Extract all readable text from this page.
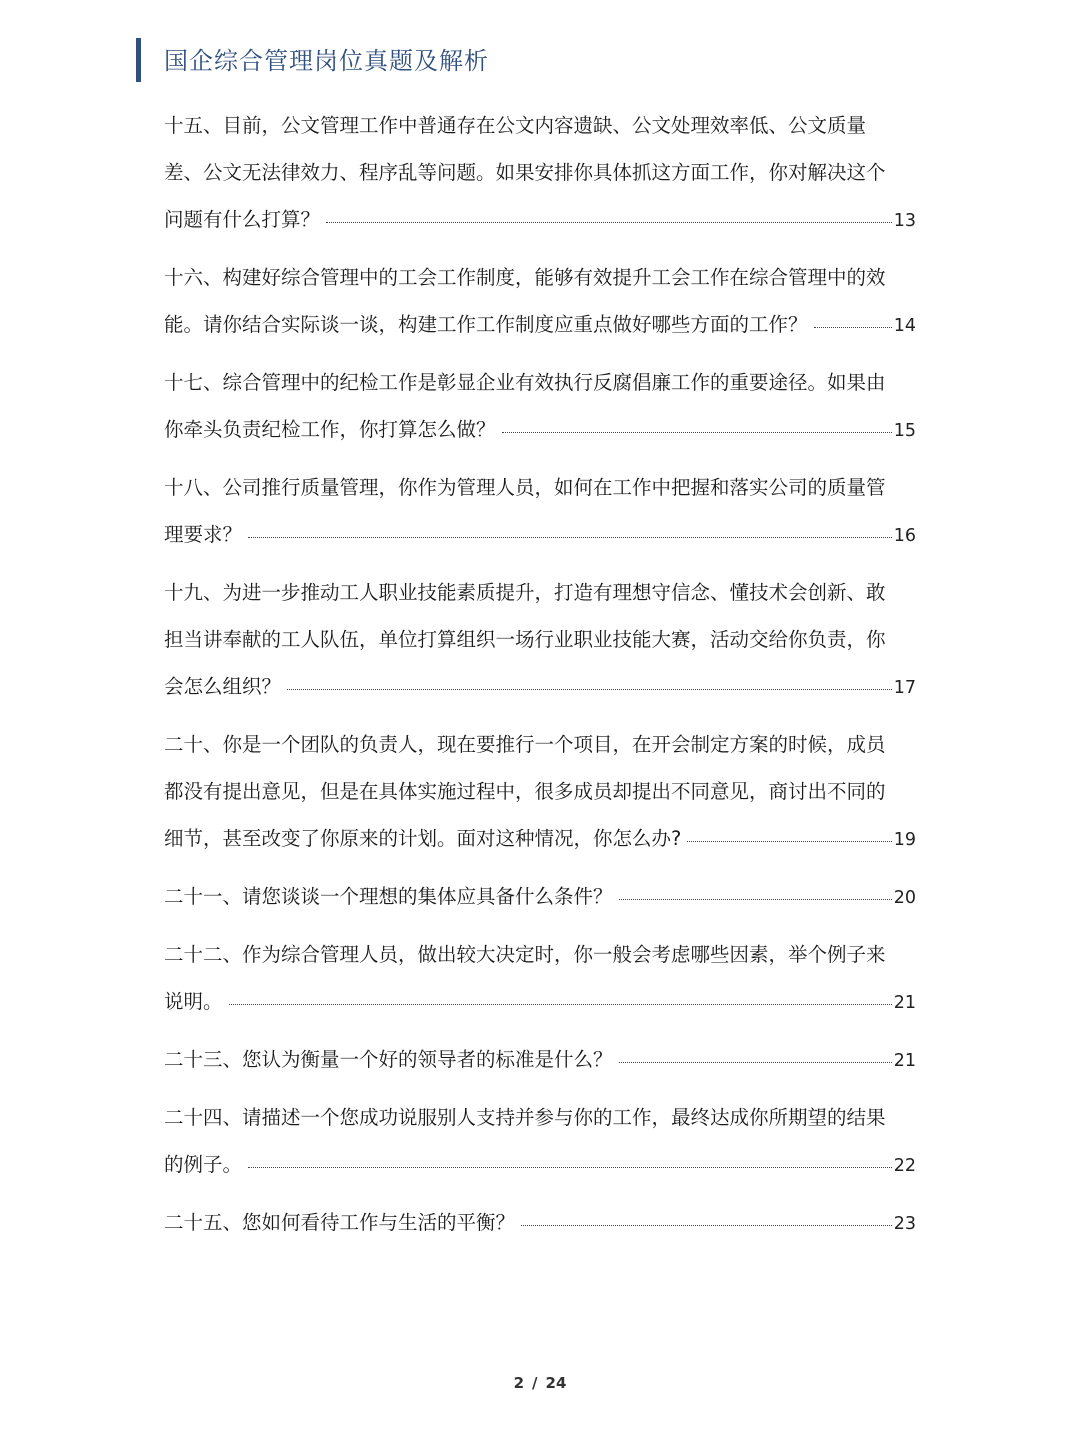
国企综合管理岗位真题及解析
十五、目前，公文管理工作中普通存在公文内容遗缺、公文处理效率低、公文质量
差、公文无法律效力、程序乱等问题。如果安排你具体抓这方面工作，你对解决这个
问题有什么打算？	13
十六、构建好综合管理中的工会工作制度，能够有效提升工会工作在综合管理中的效
能。请你结合实际谈一谈，构建工作工作制度应重点做好哪些方面的工作？	14
十七、综合管理中的纪检工作是彰显企业有效执行反腐倡廉工作的重要途径。如果由
你牵头负责纪检工作，你打算怎么做？	15
十八、公司推行质量管理，你作为管理人员，如何在工作中把握和落实公司的质量管
理要求？	16
十九、为进一步推动工人职业技能素质提升，打造有理想守信念、懂技术会创新、敢
担当讲奉献的工人队伍，单位打算组织一场行业职业技能大赛，活动交给你负责，你
会怎么组织？	17
二十、你是一个团队的负责人，现在要推行一个项目，在开会制定方案的时候，成员
都没有提出意见，但是在具体实施过程中，很多成员却提出不同意见，商讨出不同的
细节，甚至改变了你原来的计划。面对这种情况，你怎么办?	19
二十一、请您谈谈一个理想的集体应具备什么条件？	20
二十二、作为综合管理人员，做出较大决定时，你一般会考虑哪些因素，举个例子来
说明。	21
二十三、您认为衡量一个好的领导者的标准是什么？	21
二十四、请描述一个您成功说服别人支持并参与你的工作，最终达成你所期望的结果
的例子。	22
二十五、您如何看待工作与生活的平衡？	23
2 / 24
